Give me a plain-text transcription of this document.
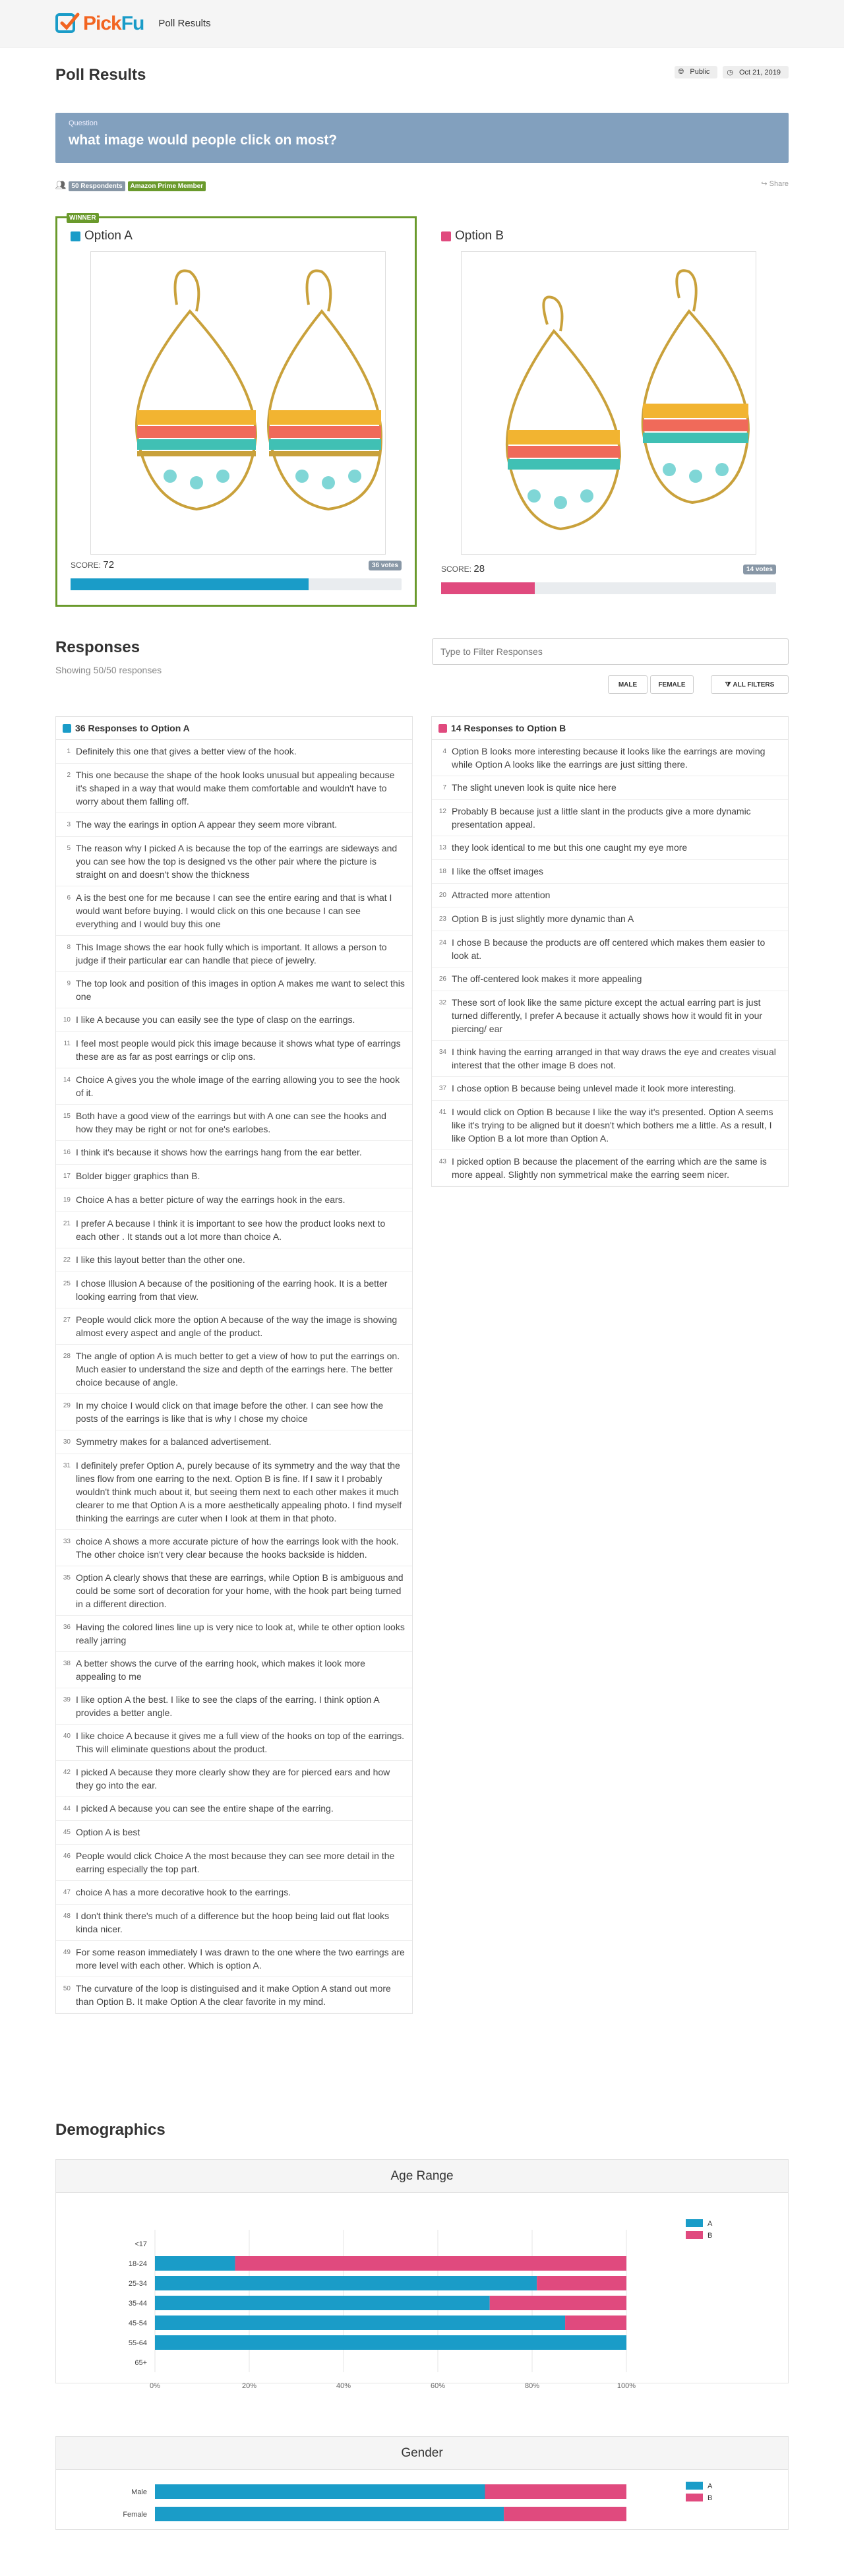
PickFu Poll Results
Poll Results	🌐︎ Public	◷ Oct 21, 2019
Question
what image would people click on most?
👥︎ 50 Respondents Amazon Prime Member	↪ Share
WINNER
Option A
SCORE: 72	36 votes
Option B
SCORE: 28	14 votes
Responses
Showing 50/50 responses
Type to Filter Responses
MALE	FEMALE	⧩ ALL FILTERS
36 Responses to Option A
1 Definitely this one that gives a better view of the hook.
2 This one because the shape of the hook looks unusual but appealing because it's shaped in a way that would make them comfortable and wouldn't have to worry about them falling off.
3 The way the earings in option A appear they seem more vibrant.
5 The reason why I picked A is because the top of the earrings are sideways and you can see how the top is designed vs the other pair where the picture is straight on and doesn't show the thickness
6 A is the best one for me because I can see the entire earing and that is what I would want before buying. I would click on this one because I can see everything and I would buy this one
8 This Image shows the ear hook fully which is important. It allows a person to judge if their particular ear can handle that piece of jewelry.
9 The top look and position of this images in option A makes me want to select this one
10 I like A because you can easily see the type of clasp on the earrings.
11 I feel most people would pick this image because it shows what type of earrings these are as far as post earrings or clip ons.
14 Choice A gives you the whole image of the earring allowing you to see the hook of it.
15 Both have a good view of the earrings but with A one can see the hooks and how they may be right or not for one's earlobes.
16 I think it's because it shows how the earrings hang from the ear better.
17 Bolder bigger graphics than B.
19 Choice A has a better picture of way the earrings hook in the ears.
21 I prefer A because I think it is important to see how the product looks next to each other . It stands out a lot more than choice A.
22 I like this layout better than the other one.
25 I chose Illusion A because of the positioning of the earring hook. It is a better looking earring from that view.
27 People would click more the option A because of the way the image is showing almost every aspect and angle of the product.
28 The angle of option A is much better to get a view of how to put the earrings on. Much easier to understand the size and depth of the earrings here. The better choice because of angle.
29 In my choice I would click on that image before the other. I can see how the posts of the earrings is like that is why I chose my choice
30 Symmetry makes for a balanced advertisement.
31 I definitely prefer Option A, purely because of its symmetry and the way that the lines flow from one earring to the next. Option B is fine. If I saw it I probably wouldn't think much about it, but seeing them next to each other makes it much clearer to me that Option A is a more aesthetically appealing photo. I find myself thinking the earrings are cuter when I look at them in that photo.
33 choice A shows a more accurate picture of how the earrings look with the hook. The other choice isn't very clear because the hooks backside is hidden.
35 Option A clearly shows that these are earrings, while Option B is ambiguous and could be some sort of decoration for your home, with the hook part being turned in a different direction.
36 Having the colored lines line up is very nice to look at, while te other option looks really jarring
38 A better shows the curve of the earring hook, which makes it look more appealing to me
39 I like option A the best. I like to see the claps of the earring. I think option A provides a better angle.
40 I like choice A because it gives me a full view of the hooks on top of the earrings. This will eliminate questions about the product.
42 I picked A because they more clearly show they are for pierced ears and how they go into the ear.
44 I picked A because you can see the entire shape of the earring.
45 Option A is best
46 People would click Choice A the most because they can see more detail in the earring especially the top part.
47 choice A has a more decorative hook to the earrings.
48 I don't think there's much of a difference but the hoop being laid out flat looks kinda nicer.
49 For some reason immediately I was drawn to the one where the two earrings are more level with each other. Which is option A.
50 The curvature of the loop is distinguised and it make Option A stand out more than Option B. It make Option A the clear favorite in my mind.
14 Responses to Option B
4 Option B looks more interesting because it looks like the earrings are moving while Option A looks like the earrings are just sitting there.
7 The slight uneven look is quite nice here
12 Probably B because just a little slant in the products give a more dynamic presentation appeal.
13 they look identical to me but this one caught my eye more
18 I like the offset images
20 Attracted more attention
23 Option B is just slightly more dynamic than A
24 I chose B because the products are off centered which makes them easier to look at.
26 The off-centered look makes it more appealing
32 These sort of look like the same picture except the actual earring part is just turned differently, I prefer A because it actually shows how it would fit in your piercing/ ear
34 I think having the earring arranged in that way draws the eye and creates visual interest that the other image B does not.
37 I chose option B because being unlevel made it look more interesting.
41 I would click on Option B because I like the way it's presented. Option A seems like it's trying to be aligned but it doesn't which bothers me a little. As a result, I like Option B a lot more than Option A.
43 I picked option B because the placement of the earring which are the same is more appeal. Slightly non symmetrical make the earring seem nicer.
Demographics
Age Range
0%	20%	40%	60%	80%	100%
<17
18-24
25-34
35-44
45-54
55-64
65+
A
B
Gender
Male
Female
A
B
